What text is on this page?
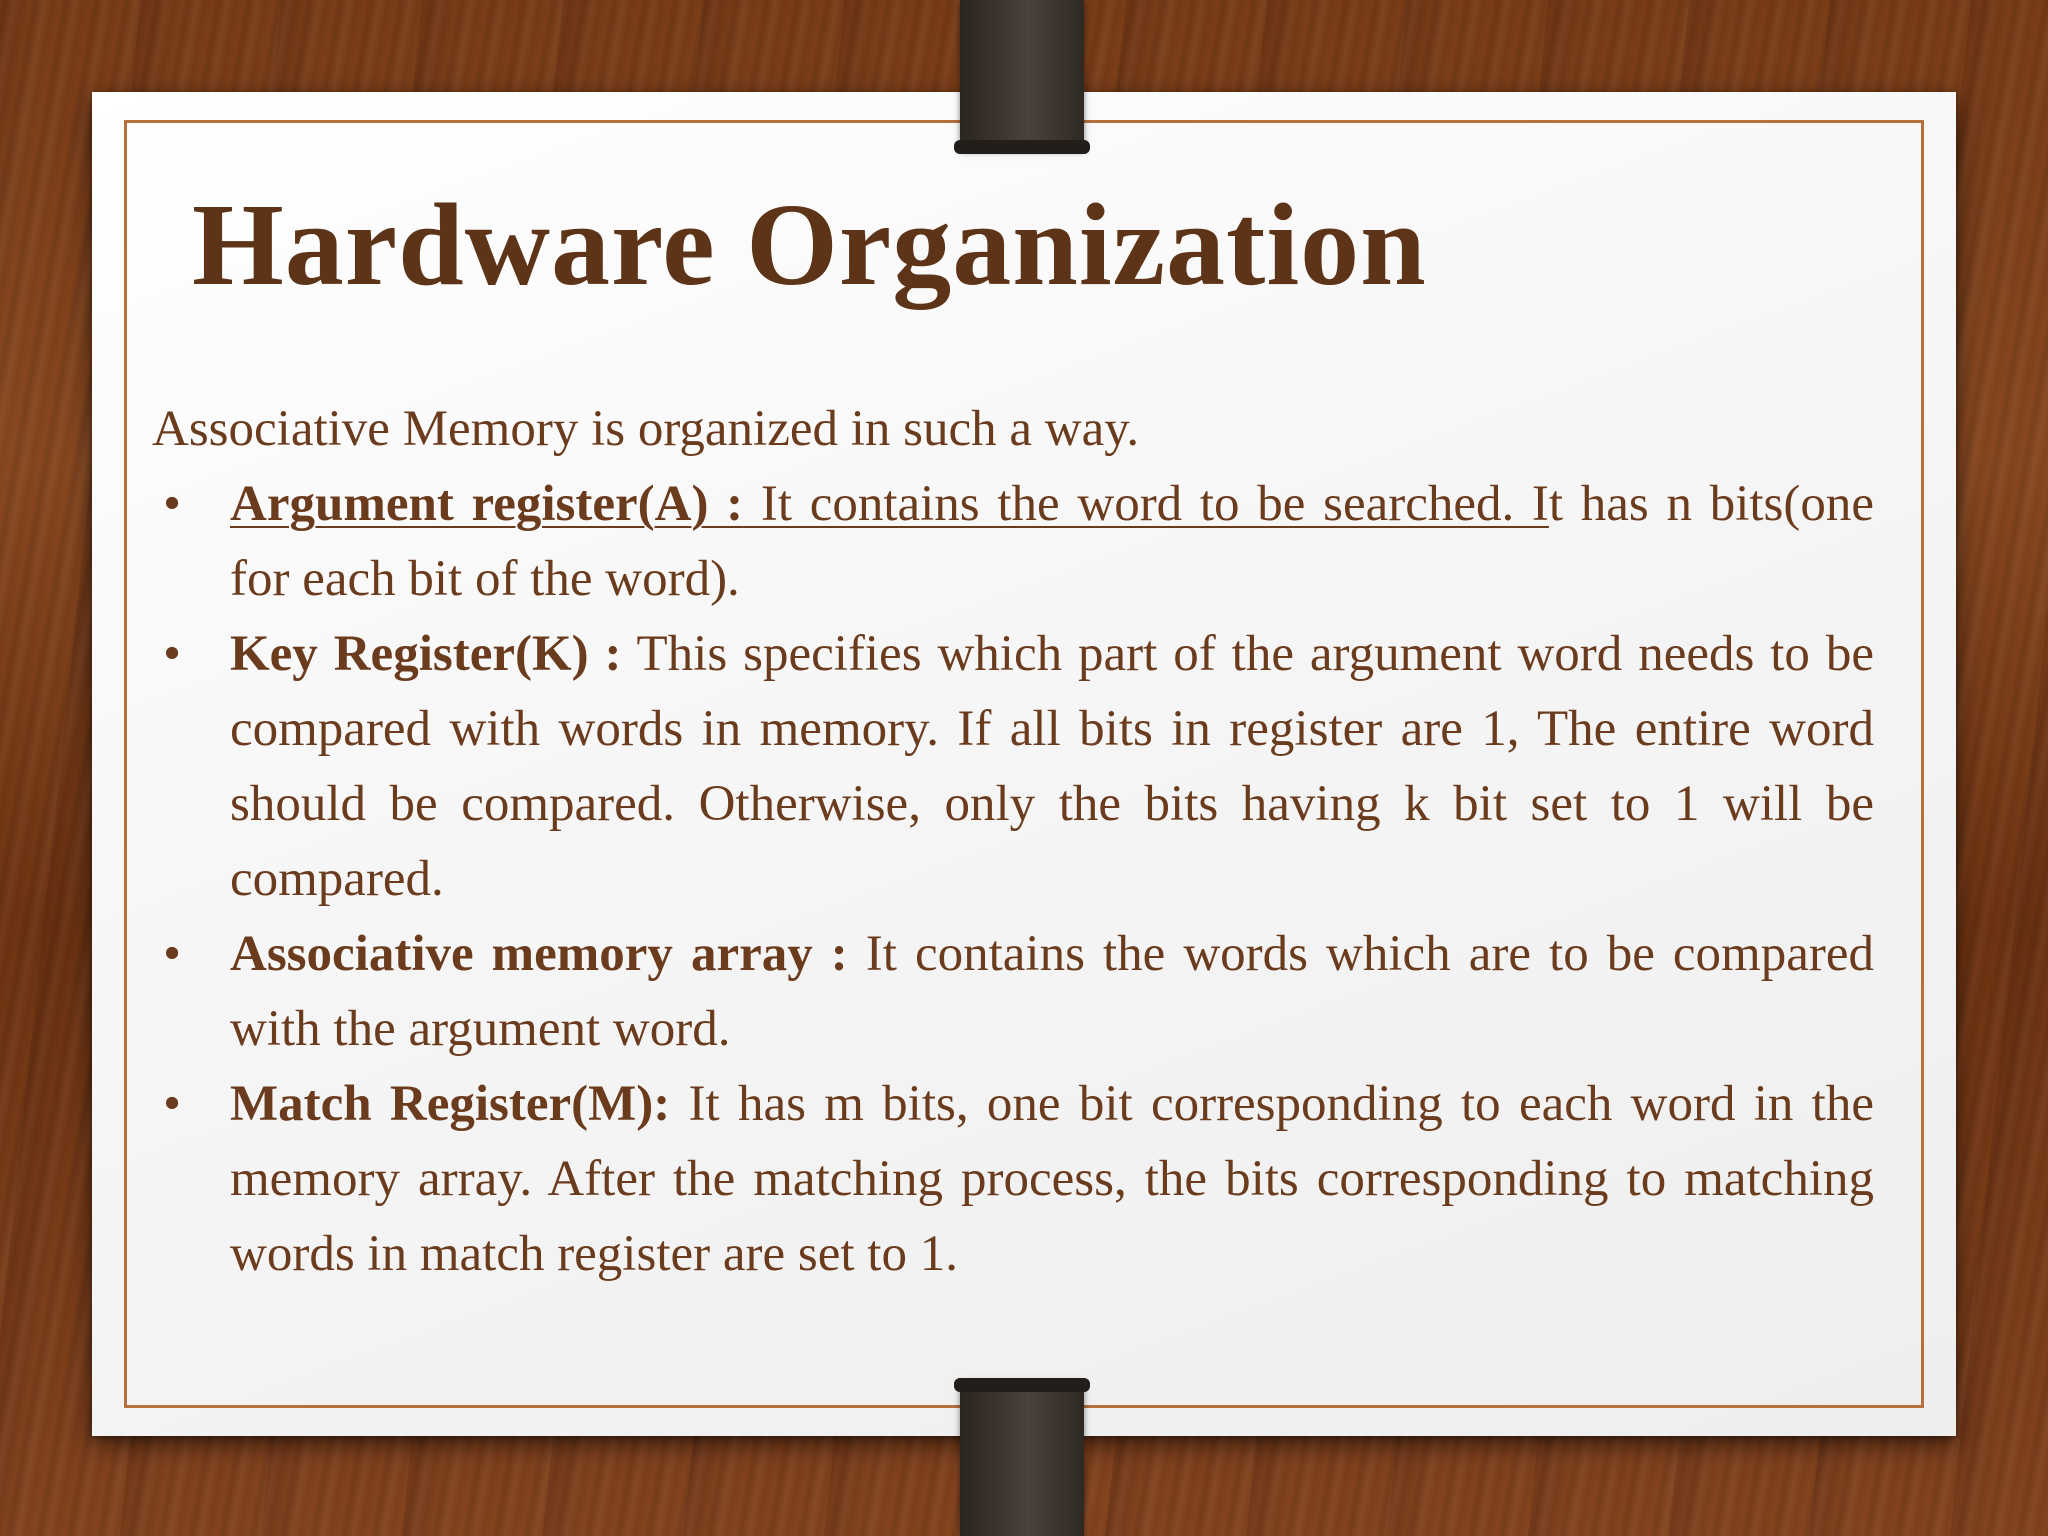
Hardware Organization

Associative Memory is organized in such a way.

• Argument register(A) : It contains the word to be searched. It has n bits(one for each bit of the word).
• Key Register(K) : This specifies which part of the argument word needs to be compared with words in memory. If all bits in register are 1, The entire word should be compared. Otherwise, only the bits having k bit set to 1 will be compared.
• Associative memory array : It contains the words which are to be compared with the argument word.
• Match Register(M): It has m bits, one bit corresponding to each word in the memory array. After the matching process, the bits corresponding to matching words in match register are set to 1.
